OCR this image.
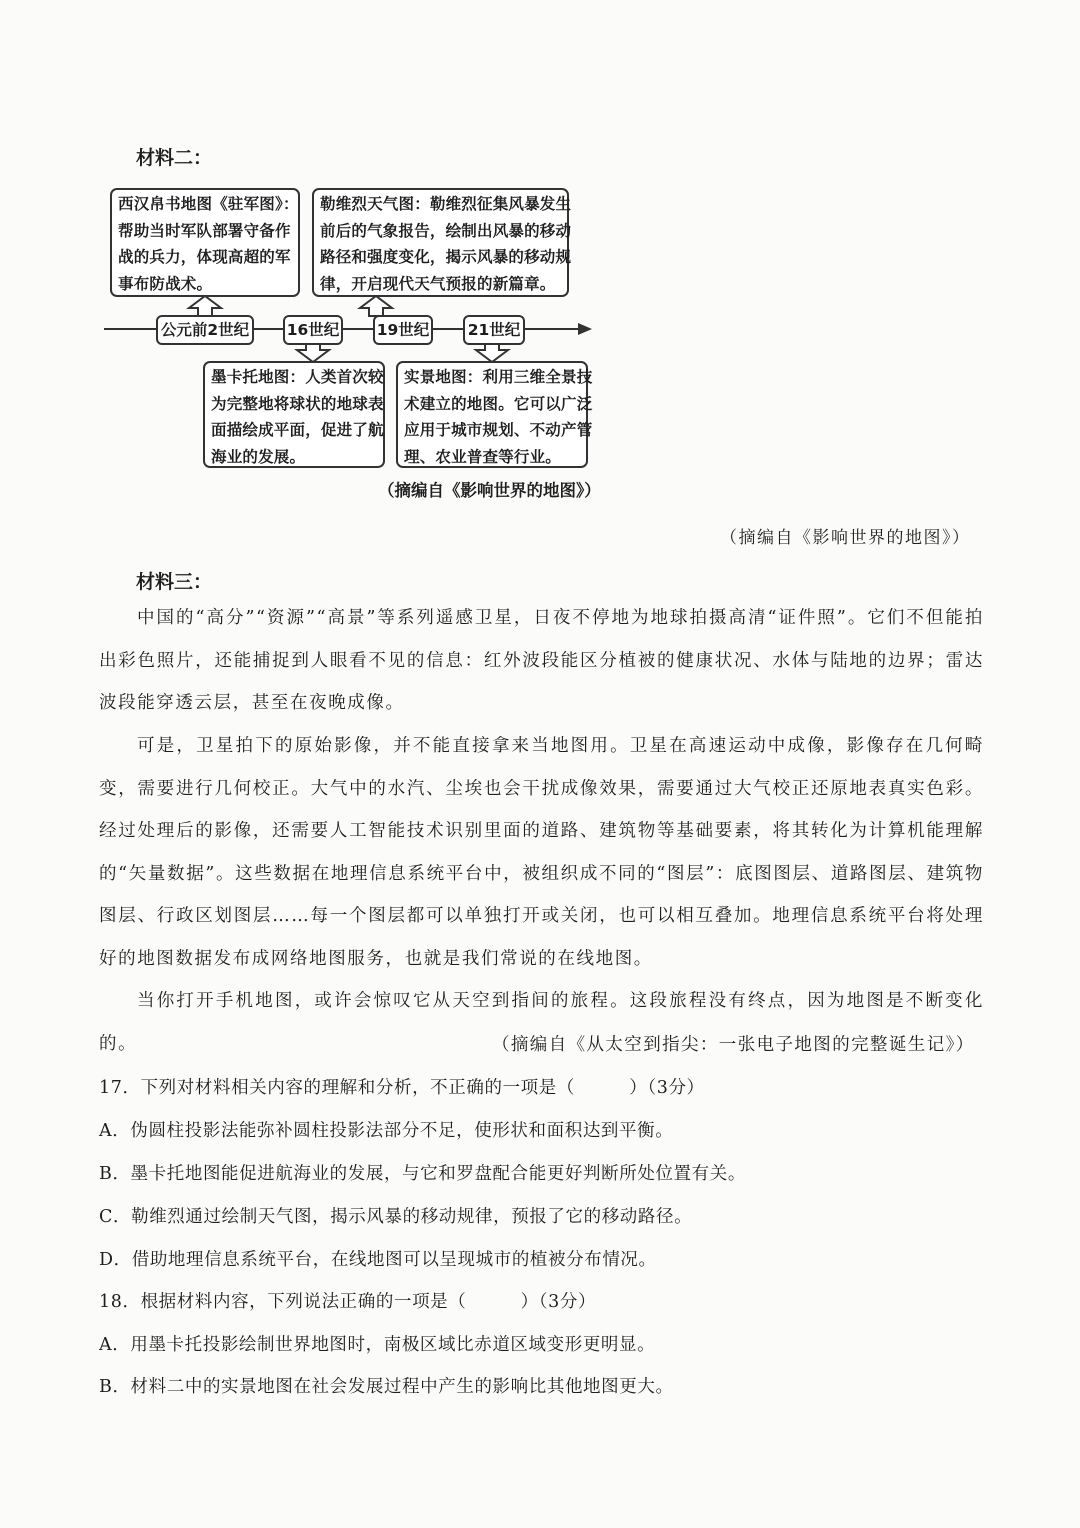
材料二：

西汉帛书地图《驻军图》：

帮助当时军队部署守备作

战的兵力，体现高超的军

事布防战术。

勒维烈天气图：勒维烈征集风暴发生

前后的气象报告，绘制出风暴的移动

路径和强度变化，揭示风暴的移动规

律，开启现代天气预报的新篇章。

公元前2世纪	16世纪 19世纪	21世纪

墨卡托地图：人类首次较

为完整地将球状的地球表

面描绘成平面，促进了航

海业的发展。

实景地图：利用三维全景技

术建立的地图。它可以广泛

应用于城市规划、不动产管

理、农业普查等行业。

（摘编自《影响世界的地图》）
（摘编自《影响世界的地图》）
材料三：

中国的“高分”“资源”“高景”等系列遥感卫星，日夜不停地为地球拍摄高清“证件照”。它们不但能拍出彩色照片，还能捕捉到人眼看不见的信息：红外波段能区分植被的健康状况、水体与陆地的边界；雷达波段能穿透云层，甚至在夜晚成像。

可是，卫星拍下的原始影像，并不能直接拿来当地图用。卫星在高速运动中成像，影像存在几何畸变，需要进行几何校正。大气中的水汽、尘埃也会干扰成像效果，需要通过大气校正还原地表真实色彩。经过处理后的影像，还需要人工智能技术识别里面的道路、建筑物等基础要素，将其转化为计算机能理解的“矢量数据”。这些数据在地理信息系统平台中，被组织成不同的“图层”：底图图层、道路图层、建筑物图层、行政区划图层……每一个图层都可以单独打开或关闭，也可以相互叠加。地理信息系统平台将处理好的地图数据发布成网络地图服务，也就是我们常说的在线地图。

当你打开手机地图，或许会惊叹它从天空到指间的旅程。这段旅程没有终点，因为地图是不断变化的。	（摘编自《从太空到指尖：一张电子地图的完整诞生记》）
17．下列对材料相关内容的理解和分析，不正确的一项是（　　　）（3分）
A．伪圆柱投影法能弥补圆柱投影法部分不足，使形状和面积达到平衡。
B．墨卡托地图能促进航海业的发展，与它和罗盘配合能更好判断所处位置有关。
C．勒维烈通过绘制天气图，揭示风暴的移动规律，预报了它的移动路径。
D．借助地理信息系统平台，在线地图可以呈现城市的植被分布情况。
18．根据材料内容，下列说法正确的一项是（　　　）（3分）
A．用墨卡托投影绘制世界地图时，南极区域比赤道区域变形更明显。
B．材料二中的实景地图在社会发展过程中产生的影响比其他地图更大。
